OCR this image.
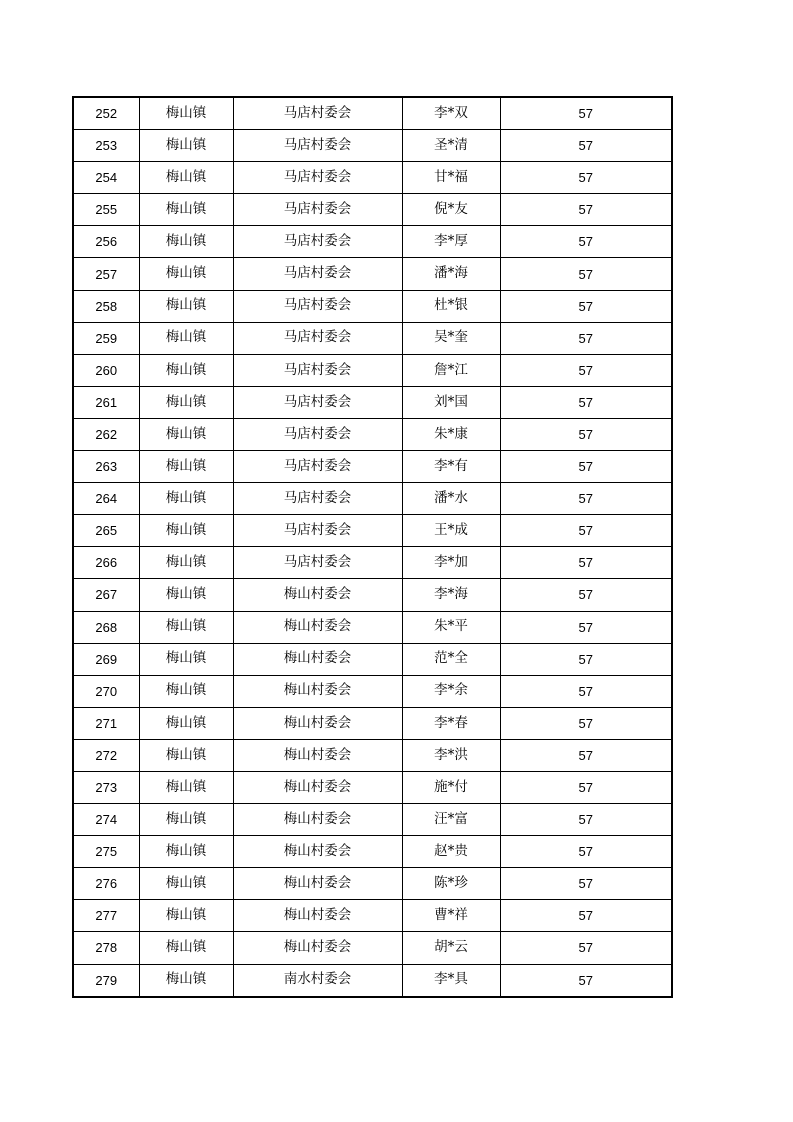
252	梅山镇	马店村委会	李*双	57
253	梅山镇	马店村委会	圣*清	57
254	梅山镇	马店村委会	甘*福	57
255	梅山镇	马店村委会	倪*友	57
256	梅山镇	马店村委会	李*厚	57
257	梅山镇	马店村委会	潘*海	57
258	梅山镇	马店村委会	杜*银	57
259	梅山镇	马店村委会	吴*奎	57
260	梅山镇	马店村委会	詹*江	57
261	梅山镇	马店村委会	刘*国	57
262	梅山镇	马店村委会	朱*康	57
263	梅山镇	马店村委会	李*有	57
264	梅山镇	马店村委会	潘*水	57
265	梅山镇	马店村委会	王*成	57
266	梅山镇	马店村委会	李*加	57
267	梅山镇	梅山村委会	李*海	57
268	梅山镇	梅山村委会	朱*平	57
269	梅山镇	梅山村委会	范*全	57
270	梅山镇	梅山村委会	李*余	57
271	梅山镇	梅山村委会	李*春	57
272	梅山镇	梅山村委会	李*洪	57
273	梅山镇	梅山村委会	施*付	57
274	梅山镇	梅山村委会	汪*富	57
275	梅山镇	梅山村委会	赵*贵	57
276	梅山镇	梅山村委会	陈*珍	57
277	梅山镇	梅山村委会	曹*祥	57
278	梅山镇	梅山村委会	胡*云	57
279	梅山镇	南水村委会	李*具	57
